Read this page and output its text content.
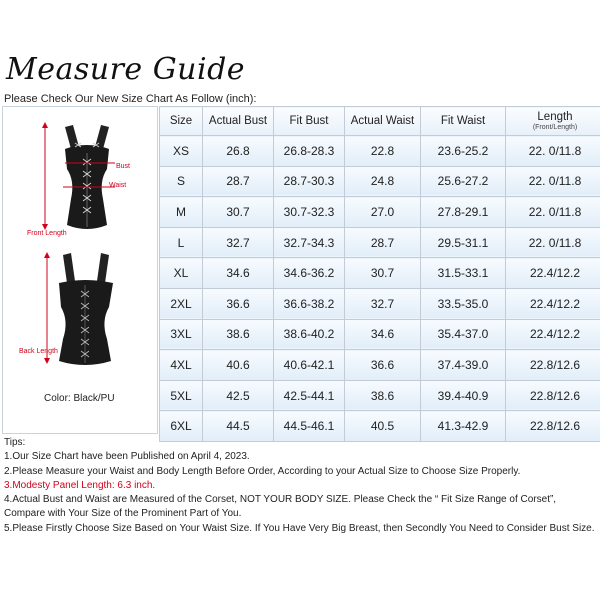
Measure Guide
Please Check Our New Size Chart As Follow (inch):
Bust
Waist
Front Length
Back Length
Color: Black/PU
Size	Actual Bust	Fit Bust	Actual Waist	Fit Waist	Length
(Front/Length)

XS	26.8	26.8-28.3	22.8	23.6-25.2	22. 0/11.8
S	28.7	28.7-30.3	24.8	25.6-27.2	22. 0/11.8
M	30.7	30.7-32.3	27.0	27.8-29.1	22. 0/11.8
L	32.7	32.7-34.3	28.7	29.5-31.1	22. 0/11.8
XL	34.6	34.6-36.2	30.7	31.5-33.1	22.4/12.2
2XL	36.6	36.6-38.2	32.7	33.5-35.0	22.4/12.2
3XL	38.6	38.6-40.2	34.6	35.4-37.0	22.4/12.2
4XL	40.6	40.6-42.1	36.6	37.4-39.0	22.8/12.6
5XL	42.5	42.5-44.1	38.6	39.4-40.9	22.8/12.6
6XL	44.5	44.5-46.1	40.5	41.3-42.9	22.8/12.6
Tips:
1.Our Size Chart have been Published on April 4, 2023.
2.Please Measure your Waist and Body Length Before Order, According to your Actual Size to Choose Size Properly.
3.Modesty Panel Length: 6.3 inch.
4.Actual Bust and Waist are Measured of the Corset, NOT YOUR BODY SIZE. Please Check the “ Fit Size Range of Corset”, Compare with Your Size of the Prominent Part of You.
5.Please Firstly Choose Size Based on Your Waist Size. If You Have Very Big Breast, then Secondly You Need to Consider Bust Size.
